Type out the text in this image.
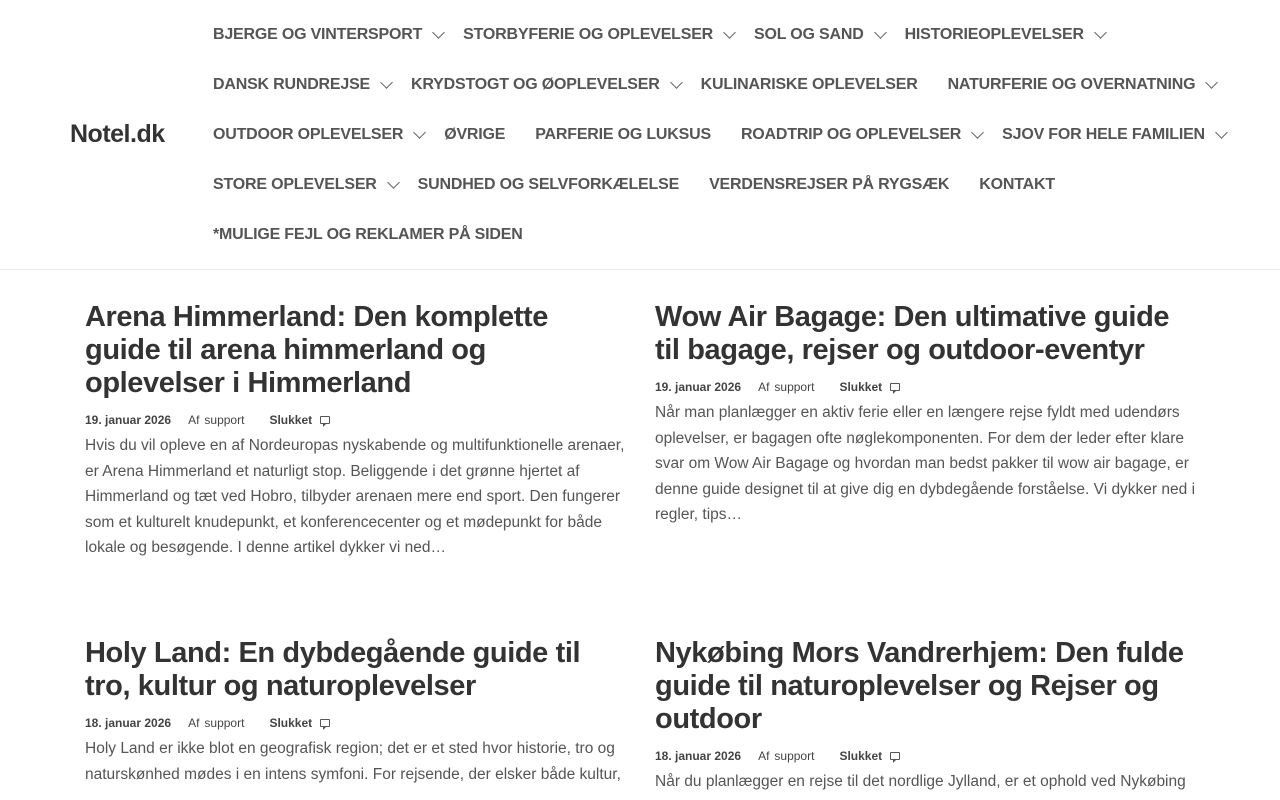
Notel.dk
BJERGE OG VINTERSPORT	STORBYFERIE OG OPLEVELSER	SOL OG SAND	HISTORIEOPLEVELSER
DANSK RUNDREJSE	KRYDSTOGT OG ØOPLEVELSER	KULINARISKE OPLEVELSER NATURFERIE OG OVERNATNING
OUTDOOR OPLEVELSER	ØVRIGE PARFERIE OG LUKSUS ROADTRIP OG OPLEVELSER	SJOV FOR HELE FAMILIEN
STORE OPLEVELSER	SUNDHED OG SELVFORKÆLELSE VERDENSREJSER PÅ RYGSÆK KONTAKT
*MULIGE FEJL OG REKLAMER PÅ SIDEN
Arena Himmerland: Den komplette guide til arena himmerland og oplevelser i Himmerland
19. januar 2026 Af support Slukket

Hvis du vil opleve en af Nordeuropas nyskabende og multifunktionelle arenaer, er Arena Himmerland et naturligt stop. Beliggende i det grønne hjertet af Himmerland og tæt ved Hobro, tilbyder arenaen mere end sport. Den fungerer som et kulturelt knudepunkt, et konferencecenter og et mødepunkt for både lokale og besøgende. I denne artikel dykker vi ned…

Wow Air Bagage: Den ultimative guide til bagage, rejser og outdoor-eventyr
19. januar 2026 Af support Slukket

Når man planlægger en aktiv ferie eller en længere rejse fyldt med udendørs oplevelser, er bagagen ofte nøglekomponenten. For dem der leder efter klare svar om Wow Air Bagage og hvordan man bedst pakker til wow air bagage, er denne guide designet til at give dig en dybdegående forståelse. Vi dykker ned i regler, tips…

Holy Land: En dybdegående guide til tro, kultur og naturoplevelser
18. januar 2026 Af support Slukket

Holy Land er ikke blot en geografisk region; det er et sted hvor historie, tro og naturskønhed mødes i en intens symfoni. For rejsende, der elsker både kultur,

Nykøbing Mors Vandrerhjem: Den fulde guide til naturoplevelser og Rejser og outdoor
18. januar 2026 Af support Slukket

Når du planlægger en rejse til det nordlige Jylland, er et ophold ved Nykøbing
